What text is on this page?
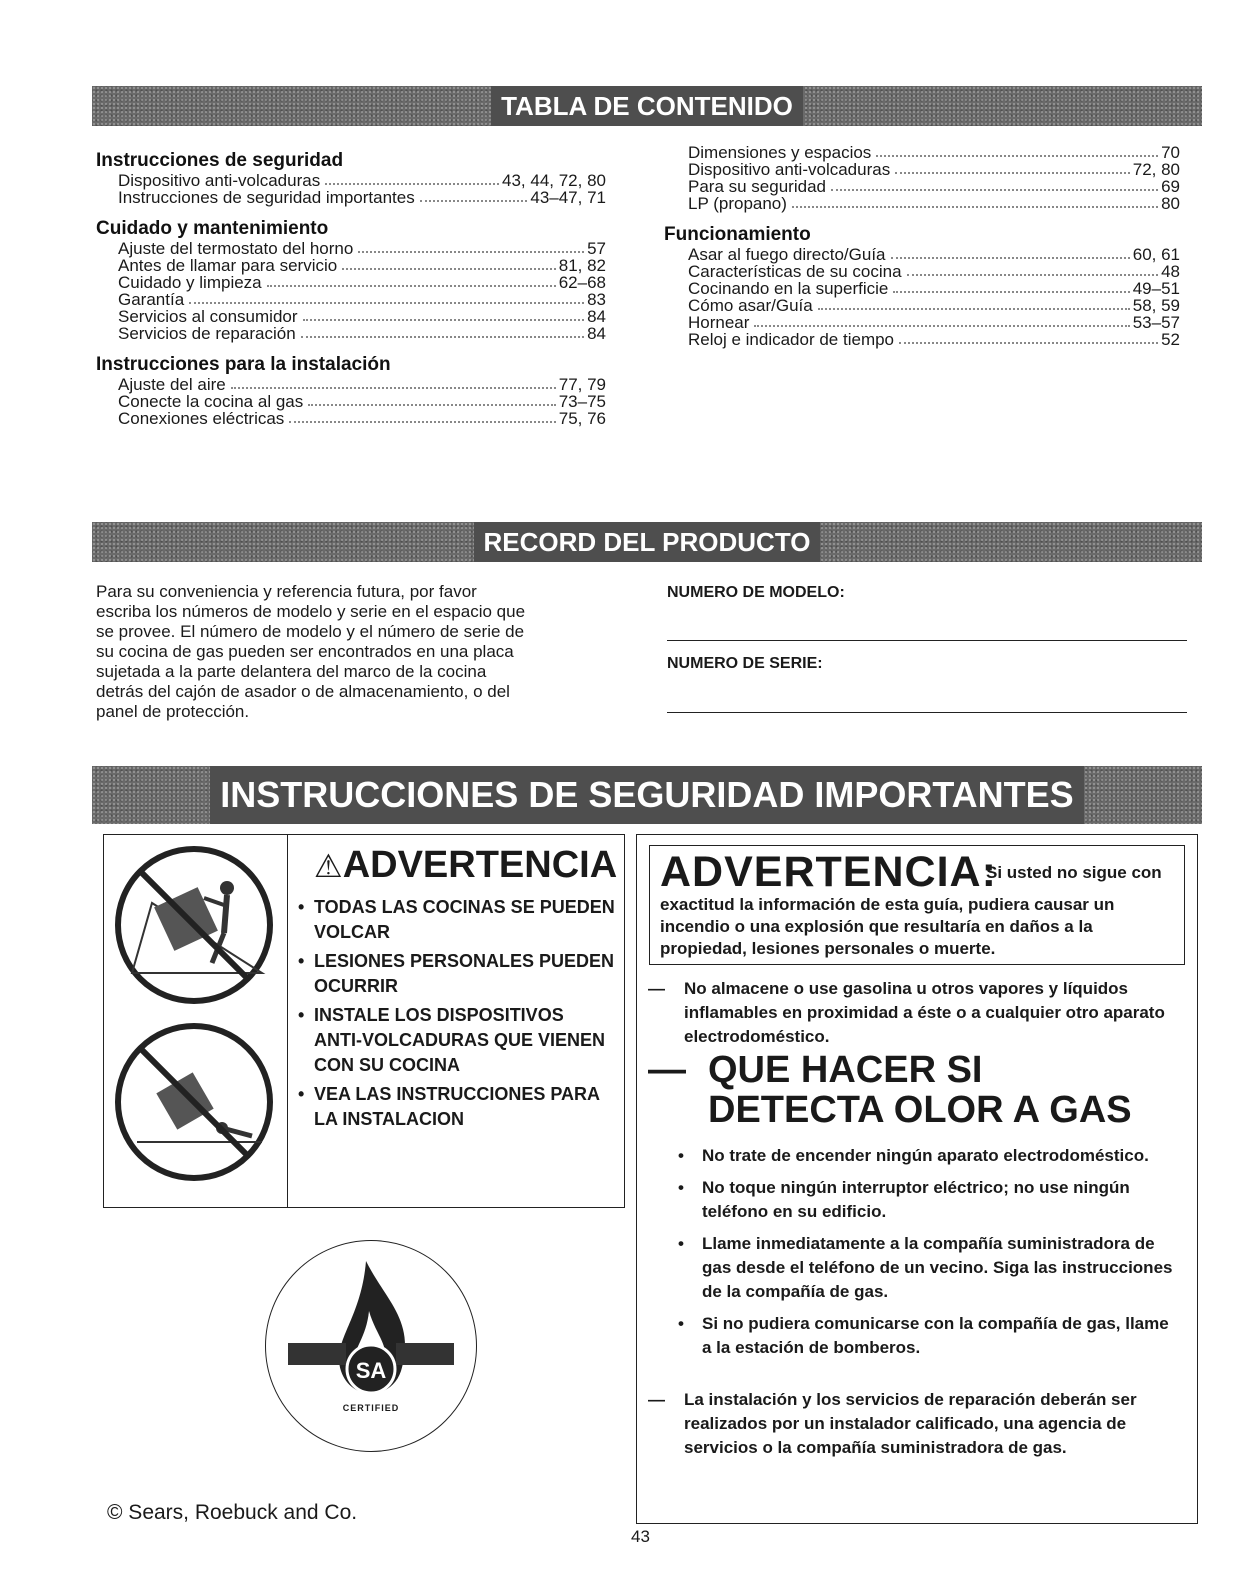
TABLA DE CONTENIDO
RECORD DEL PRODUCTO
INSTRUCCIONES DE SEGURIDAD IMPORTANTES
Instrucciones de seguridad
Dispositivo anti-volcaduras	43, 44, 72, 80
Instrucciones de seguridad importantes	43–47, 71
Cuidado y mantenimiento
Ajuste del termostato del horno	57
Antes de llamar para servicio	81, 82
Cuidado y limpieza	62–68
Garantía	83
Servicios al consumidor	84
Servicios de reparación	84
Instrucciones para la instalación
Ajuste del aire	77, 79
Conecte la cocina al gas	73–75
Conexiones eléctricas	75, 76
Dimensiones y espacios	70
Dispositivo anti-volcaduras	72, 80
Para su seguridad	69
LP (propano)	80
Funcionamiento
Asar al fuego directo/Guía	60, 61
Características de su cocina	48
Cocinando en la superficie	49–51
Cómo asar/Guía	58, 59
Hornear	53–57
Reloj e indicador de tiempo	52
Para su conveniencia y referencia futura, por favor
escriba los números de modelo y serie en el espacio que
se provee. El número de modelo y el número de serie de
su cocina de gas pueden ser encontrados en una placa
sujetada a la parte delantera del marco de la cocina
detrás del cajón de asador o de almacenamiento, o del
panel de protección.
NUMERO DE MODELO:
NUMERO DE SERIE:
⚠ADVERTENCIA
• TODAS LAS COCINAS SE PUEDEN VOLCAR
• LESIONES PERSONALES PUEDEN OCURRIR
• INSTALE LOS DISPOSITIVOS ANTI-VOLCADURAS QUE VIENEN CON SU COCINA
• VEA LAS INSTRUCCIONES PARA LA INSTALACION
SA
CERTIFIED
ADVERTENCIA:
Si usted no sigue con
exactitud la información de esta guía, pudiera causar un incendio o una explosión que resultaría en daños a la propiedad, lesiones personales o muerte.
—	No almacene o use gasolina u otros vapores y líquidos inflamables en proximidad a éste o a cualquier otro aparato electrodoméstico.
— QUE HACER SI
DETECTA OLOR A GAS
• No trate de encender ningún aparato electrodoméstico.
• No toque ningún interruptor eléctrico; no use ningún teléfono en su edificio.
• Llame inmediatamente a la compañía suministradora de gas desde el teléfono de un vecino. Siga las instrucciones de la compañía de gas.
• Si no pudiera comunicarse con la compañía de gas, llame a la estación de bomberos.
—	La instalación y los servicios de reparación deberán ser realizados por un instalador calificado, una agencia de servicios o la compañía suministradora de gas.
© Sears, Roebuck and Co.
43
